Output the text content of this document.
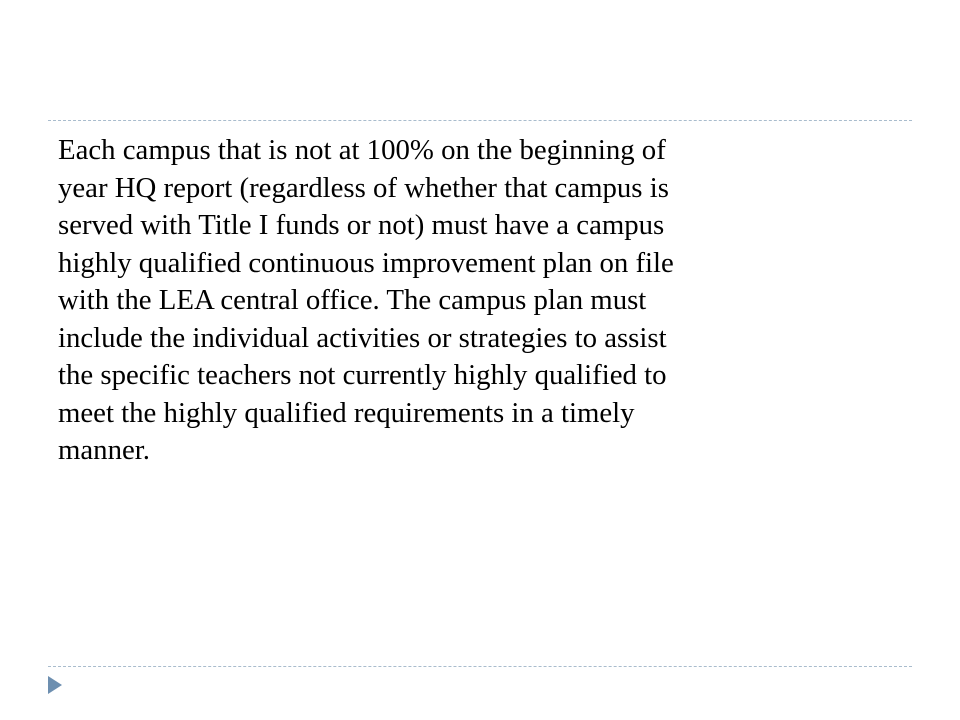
Each campus that is not at 100% on the beginning of
year HQ report (regardless of whether that campus is
served with Title I funds or not) must have a campus
highly qualified continuous improvement plan on file
with the LEA central office. The campus plan must
include the individual activities or strategies to assist
the specific teachers not currently highly qualified to
meet the highly qualified requirements in a timely
manner.
